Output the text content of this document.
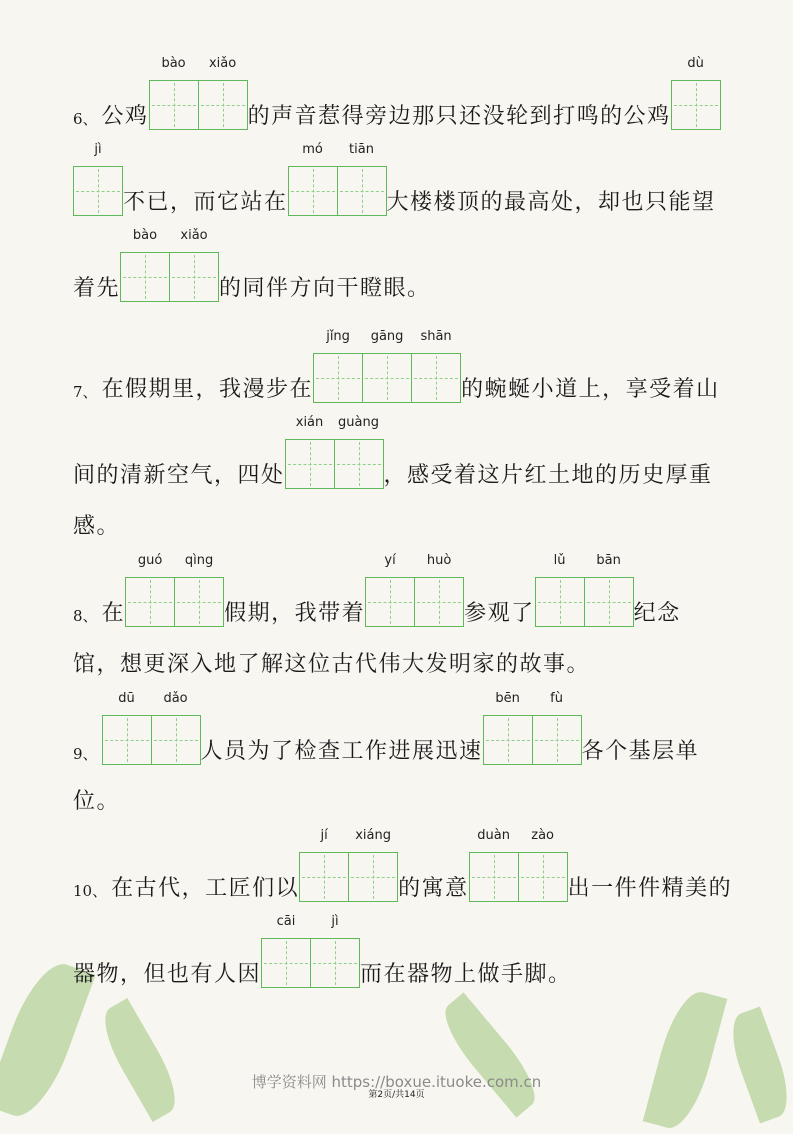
6、 公鸡
bào	xiǎo
的声音惹得旁边那只还没轮到打鸣的公鸡
dù
jì
不已，而它站在
mó	tiān
大楼楼顶的最高处，却也只能望
着先
bào	xiǎo
的同伴方向干瞪眼。
7、 在假期里，我漫步在
jǐng	gāng	shān
的蜿蜒小道上，享受着山
间的清新空气，四处
xián	guàng
，感受着这片红土地的历史厚重
感。
8、 在
guó	qìng
假期，我带着
yí	huò
参观了
lǔ	bān
纪念
馆，想更深入地了解这位古代伟大发明家的故事。
9、
dū	dǎo
人员为了检查工作进展迅速
bēn	fù
各个基层单
位。
10、 在古代，工匠们以
jí	xiáng
的寓意
duàn	zào
出一件件精美的
器物，但也有人因
cāi	jì
而在器物上做手脚。
博学资料网 https://boxue.ituoke.com.cn
第2页/共14页
